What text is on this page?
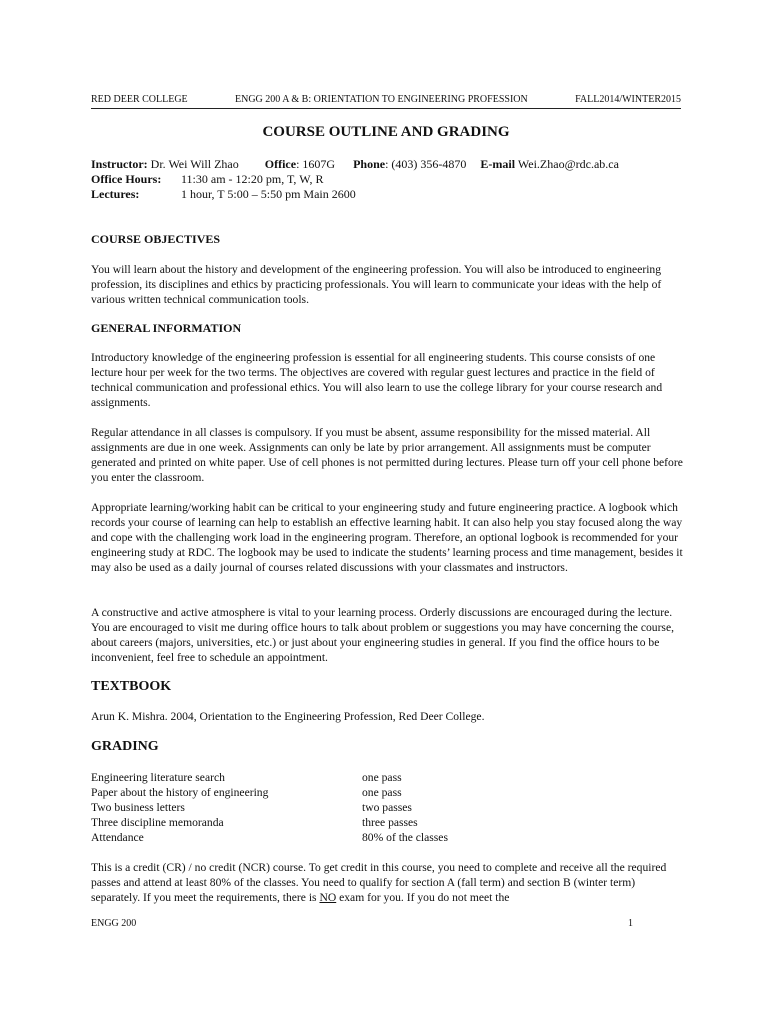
RED DEER COLLEGE	ENGG 200 A & B: ORIENTATION TO ENGINEERING PROFESSION	FALL2014/WINTER2015
COURSE OUTLINE AND GRADING
Instructor: Dr. Wei Will Zhao Office: 1607G Phone: (403) 356-4870 E-mail Wei.Zhao@rdc.ab.ca
Office Hours: 11:30 am - 12:20 pm, T, W, R
Lectures:	1 hour, T 5:00 – 5:50 pm Main 2600
COURSE OBJECTIVES

You will learn about the history and development of the engineering profession. You will also be introduced to engineering profession, its disciplines and ethics by practicing professionals. You will learn to communicate your ideas with the help of various written technical communication tools.

GENERAL INFORMATION

Introductory knowledge of the engineering profession is essential for all engineering students. This course consists of one lecture hour per week for the two terms. The objectives are covered with regular guest lectures and practice in the field of technical communication and professional ethics. You will also learn to use the college library for your course research and assignments.

Regular attendance in all classes is compulsory. If you must be absent, assume responsibility for the missed material. All assignments are due in one week. Assignments can only be late by prior arrangement. All assignments must be computer generated and printed on white paper. Use of cell phones is not permitted during lectures. Please turn off your cell phone before you enter the classroom.

Appropriate learning/working habit can be critical to your engineering study and future engineering practice. A logbook which records your course of learning can help to establish an effective learning habit. It can also help you stay focused along the way and cope with the challenging work load in the engineering program. Therefore, an optional logbook is recommended for your engineering study at RDC. The logbook may be used to indicate the students’ learning process and time management, besides it may also be used as a daily journal of courses related discussions with your classmates and instructors.

A constructive and active atmosphere is vital to your learning process. Orderly discussions are encouraged during the lecture. You are encouraged to visit me during office hours to talk about problem or suggestions you may have concerning the course, about careers (majors, universities, etc.) or just about your engineering studies in general. If you find the office hours to be inconvenient, feel free to schedule an appointment.

TEXTBOOK

Arun K. Mishra. 2004, Orientation to the Engineering Profession, Red Deer College.

GRADING
Engineering literature search	one pass
Paper about the history of engineering	one pass
Two business letters	two passes
Three discipline memoranda	three passes
Attendance	80% of the classes

This is a credit (CR) / no credit (NCR) course. To get credit in this course, you need to complete and receive all the required passes and attend at least 80% of the classes. You need to qualify for section A (fall term) and section B (winter term) separately. If you meet the requirements, there is NO exam for you. If you do not meet the

ENGG 200	1
